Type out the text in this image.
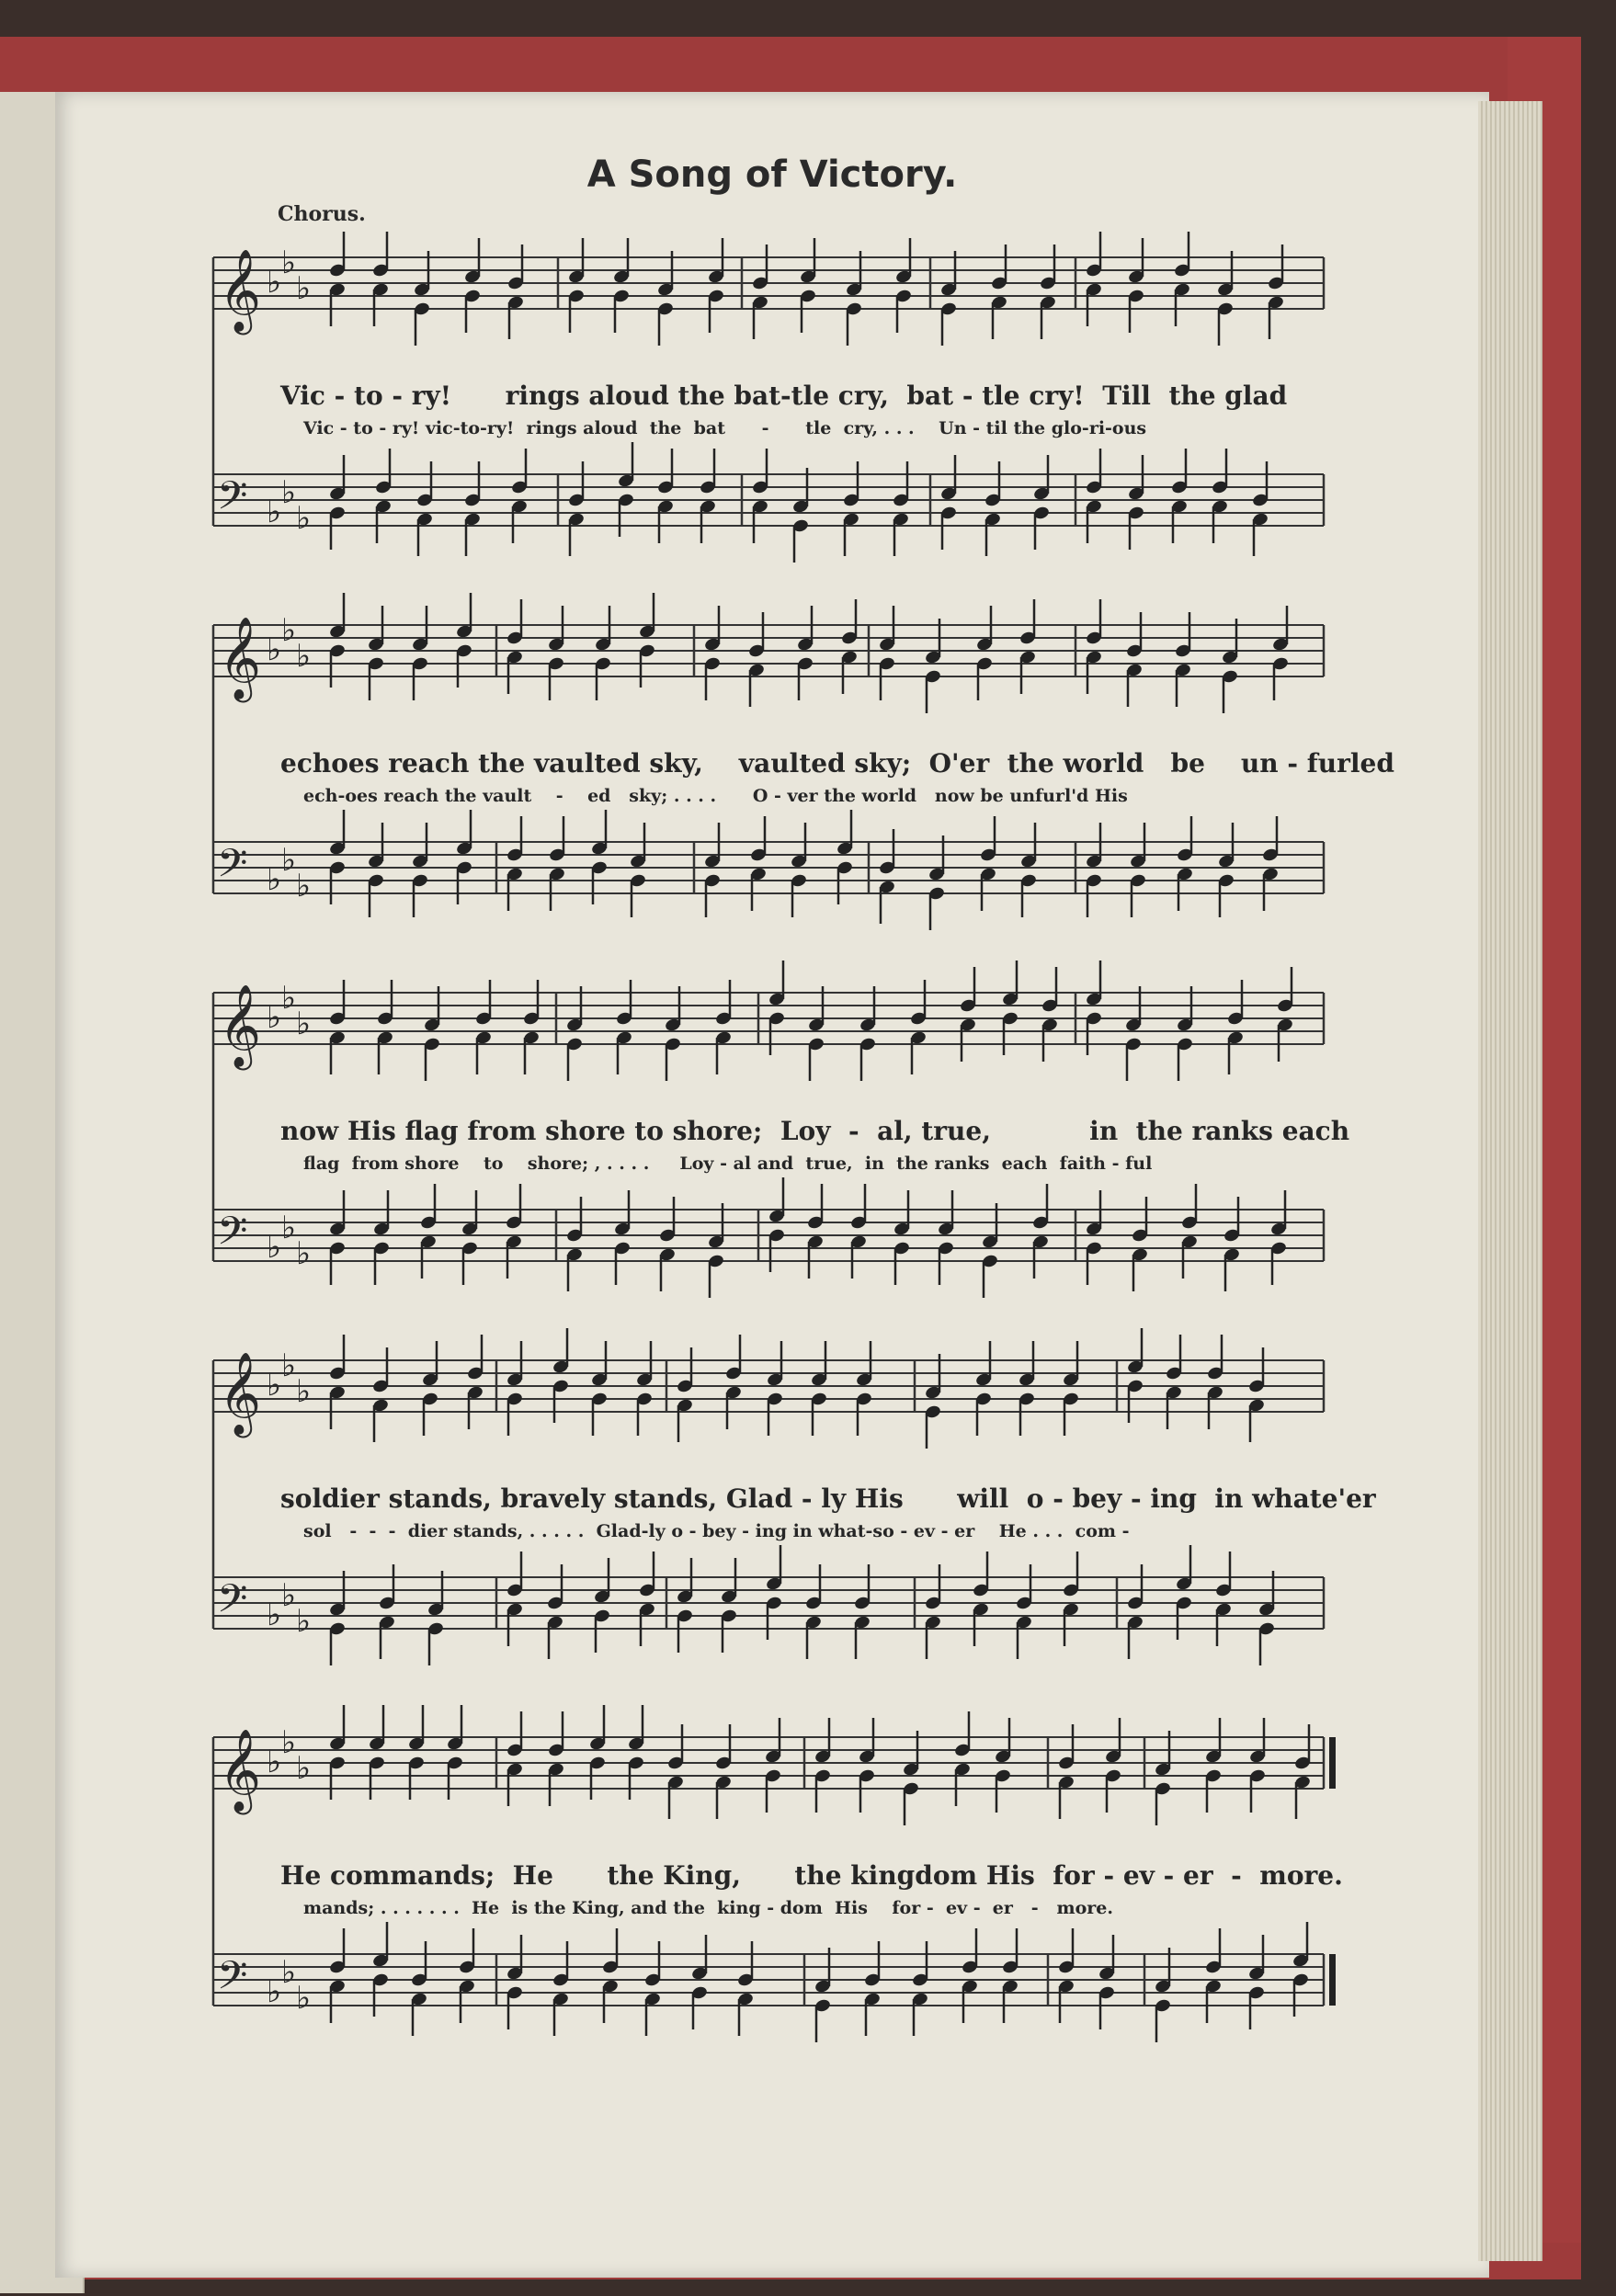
A Song of Victory.
Chorus.
𝄞 ♭
♭
♭
𝄢 ♭
♭
♭
Vic - to - ry!      rings aloud the bat-tle cry,  bat - tle cry!  Till  the glad
Vic - to - ry! vic-to-ry!  rings aloud  the  bat      -      tle  cry, . . .    Un - til the glo-ri-ous
𝄞 ♭
♭
♭
𝄢 ♭
♭
♭
echoes reach the vaulted sky,    vaulted sky;  O'er  the world   be    un - furled
ech-oes reach the vault    -    ed   sky; . . . .      O - ver the world   now be unfurl'd His
𝄞 ♭
♭
♭
𝄢 ♭
♭
♭
now His flag from shore to shore;  Loy  -  al, true,           in  the ranks each
flag  from shore    to    shore; , . . . .     Loy - al and  true,  in  the ranks  each  faith - ful
𝄞 ♭
♭
♭
𝄢 ♭
♭
♭
soldier stands, bravely stands, Glad - ly His      will  o - bey - ing  in whate'er
sol   -  -  -  dier stands, . . . . .  Glad-ly o - bey - ing in what-so - ev - er    He . . .  com -
𝄞 ♭
♭
♭
𝄢 ♭
♭
♭
He commands;  He      the King,      the kingdom His  for - ev - er  -  more.
mands; . . . . . . .  He  is the King, and the  king - dom  His    for -  ev -  er   -   more.
